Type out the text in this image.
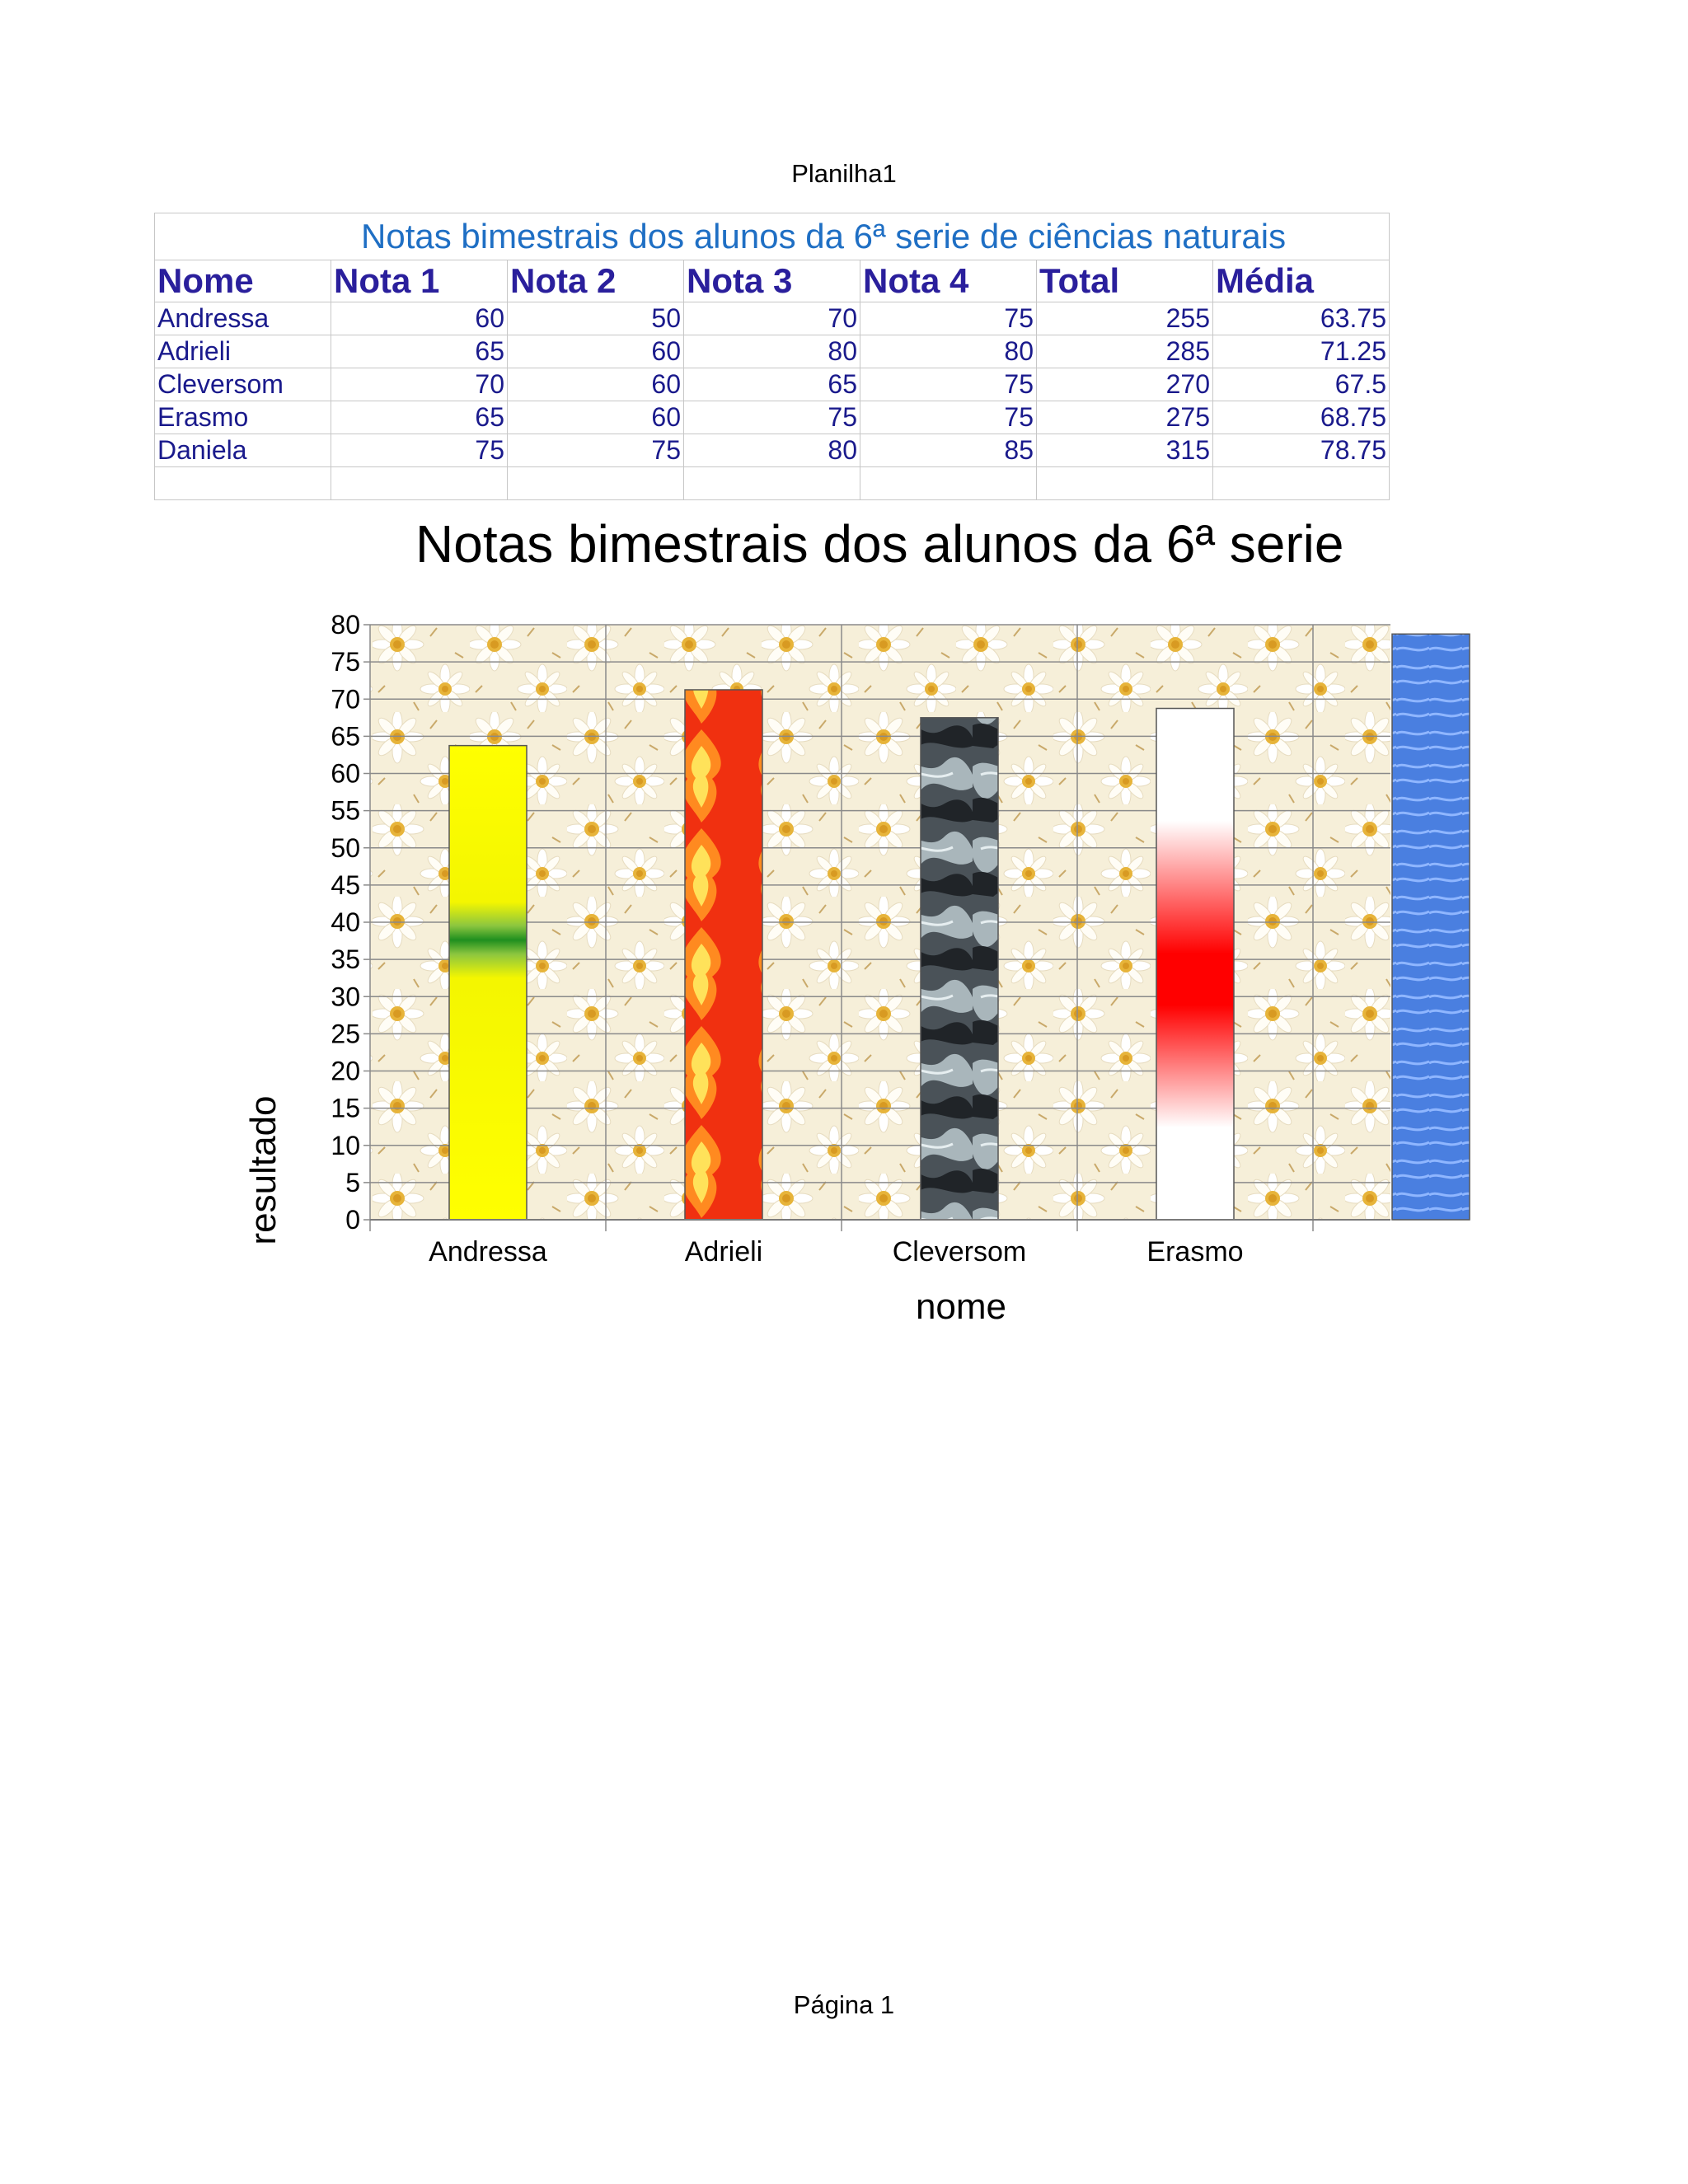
Planilha1
Notas bimestrais dos alunos da 6ª serie de ciências naturais						
Nome	Nota 1	Nota 2	Nota 3	Nota 4	Total	Média
Andressa	60	50	70	75	255	63.75
Adrieli	65	60	80	80	285	71.25
Cleversom	70	60	65	75	270	67.5
Erasmo	65	60	75	75	275	68.75
Daniela	75	75	80	85	315	78.75

Notas bimestrais dos alunos da 6ª serie
0
5
10
15
20
25
30
35
40
45
50
55
60
65
70
75
80
Andressa	Adrieli	Cleversom	Erasmo
nome
resultado
Página 1
